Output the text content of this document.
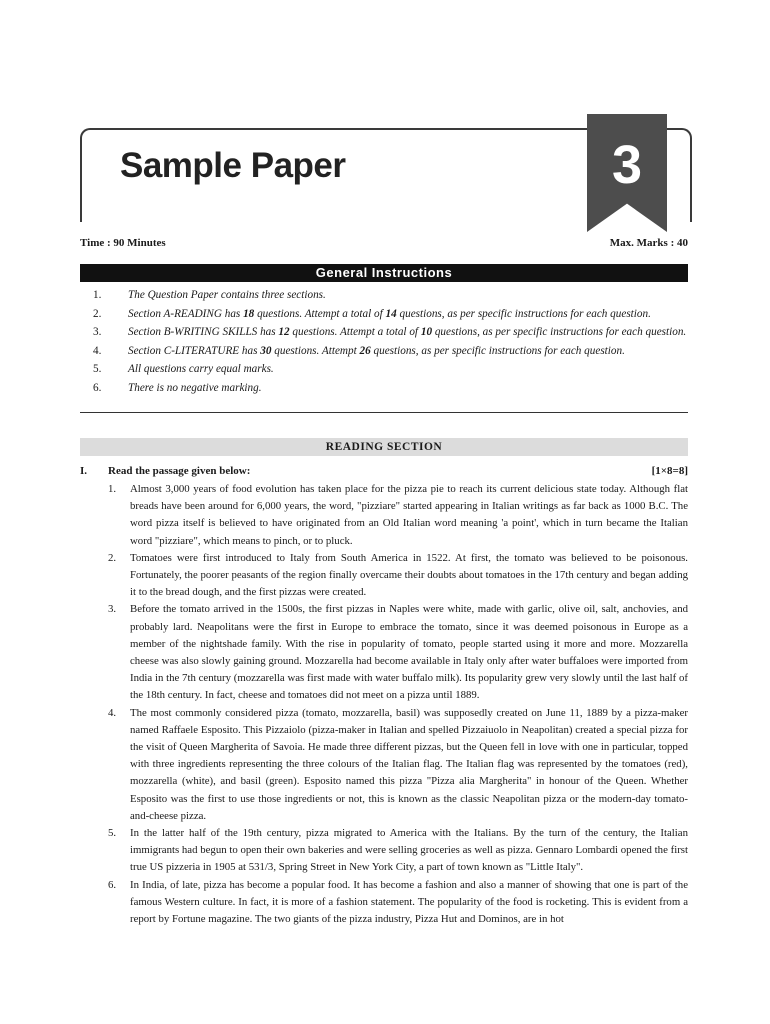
Sample Paper	3
Time : 90 Minutes	Max. Marks : 40
General Instructions
1.	The Question Paper contains three sections.
2.	Section A-READING has 18 questions. Attempt a total of 14 questions, as per specific instructions for each question.
3.	Section B-WRITING SKILLS has 12 questions. Attempt a total of 10 questions, as per specific instructions for each question.
4.	Section C-LITERATURE has 30 questions. Attempt 26 questions, as per specific instructions for each question.
5.	All questions carry equal marks.
6.	There is no negative marking.
READING SECTION
I.	Read the passage given below:	[1×8=8]
1.	Almost 3,000 years of food evolution has taken place for the pizza pie to reach its current delicious state today. Although flat breads have been around for 6,000 years, the word, "pizziare" started appearing in Italian writings as far back as 1000 B.C. The word pizza itself is believed to have originated from an Old Italian word meaning 'a point', which in turn became the Italian word "pizziare", which means to pinch, or to pluck.
2.	Tomatoes were first introduced to Italy from South America in 1522. At first, the tomato was believed to be poisonous. Fortunately, the poorer peasants of the region finally overcame their doubts about tomatoes in the 17th century and began adding it to the bread dough, and the first pizzas were created.
3.	Before the tomato arrived in the 1500s, the first pizzas in Naples were white, made with garlic, olive oil, salt, anchovies, and probably lard. Neapolitans were the first in Europe to embrace the tomato, since it was deemed poisonous in Europe as a member of the nightshade family. With the rise in popularity of tomato, people started using it more and more. Mozzarella cheese was also slowly gaining ground. Mozzarella had become available in Italy only after water buffaloes were imported from India in the 7th century (mozzarella was first made with water buffalo milk). Its popularity grew very slowly until the last half of the 18th century. In fact, cheese and tomatoes did not meet on a pizza until 1889.
4.	The most commonly considered pizza (tomato, mozzarella, basil) was supposedly created on June 11, 1889 by a pizza-maker named Raffaele Esposito. This Pizzaiolo (pizza-maker in Italian and spelled Pizzaiuolo in Neapolitan) created a special pizza for the visit of Queen Margherita of Savoia. He made three different pizzas, but the Queen fell in love with one in particular, topped with three ingredients representing the three colours of the Italian flag. The Italian flag was represented by the tomatoes (red), mozzarella (white), and basil (green). Esposito named this pizza "Pizza alia Margherita" in honour of the Queen. Whether Esposito was the first to use those ingredients or not, this is known as the classic Neapolitan pizza or the modern-day tomato-and-cheese pizza.
5.	In the latter half of the 19th century, pizza migrated to America with the Italians. By the turn of the century, the Italian immigrants had begun to open their own bakeries and were selling groceries as well as pizza. Gennaro Lombardi opened the first true US pizzeria in 1905 at 531/3, Spring Street in New York City, a part of town known as "Little Italy".
6.	In India, of late, pizza has become a popular food. It has become a fashion and also a manner of showing that one is part of the famous Western culture. In fact, it is more of a fashion statement. The popularity of the food is rocketing. This is evident from a report by Fortune magazine. The two giants of the pizza industry, Pizza Hut and Dominos, are in hot
